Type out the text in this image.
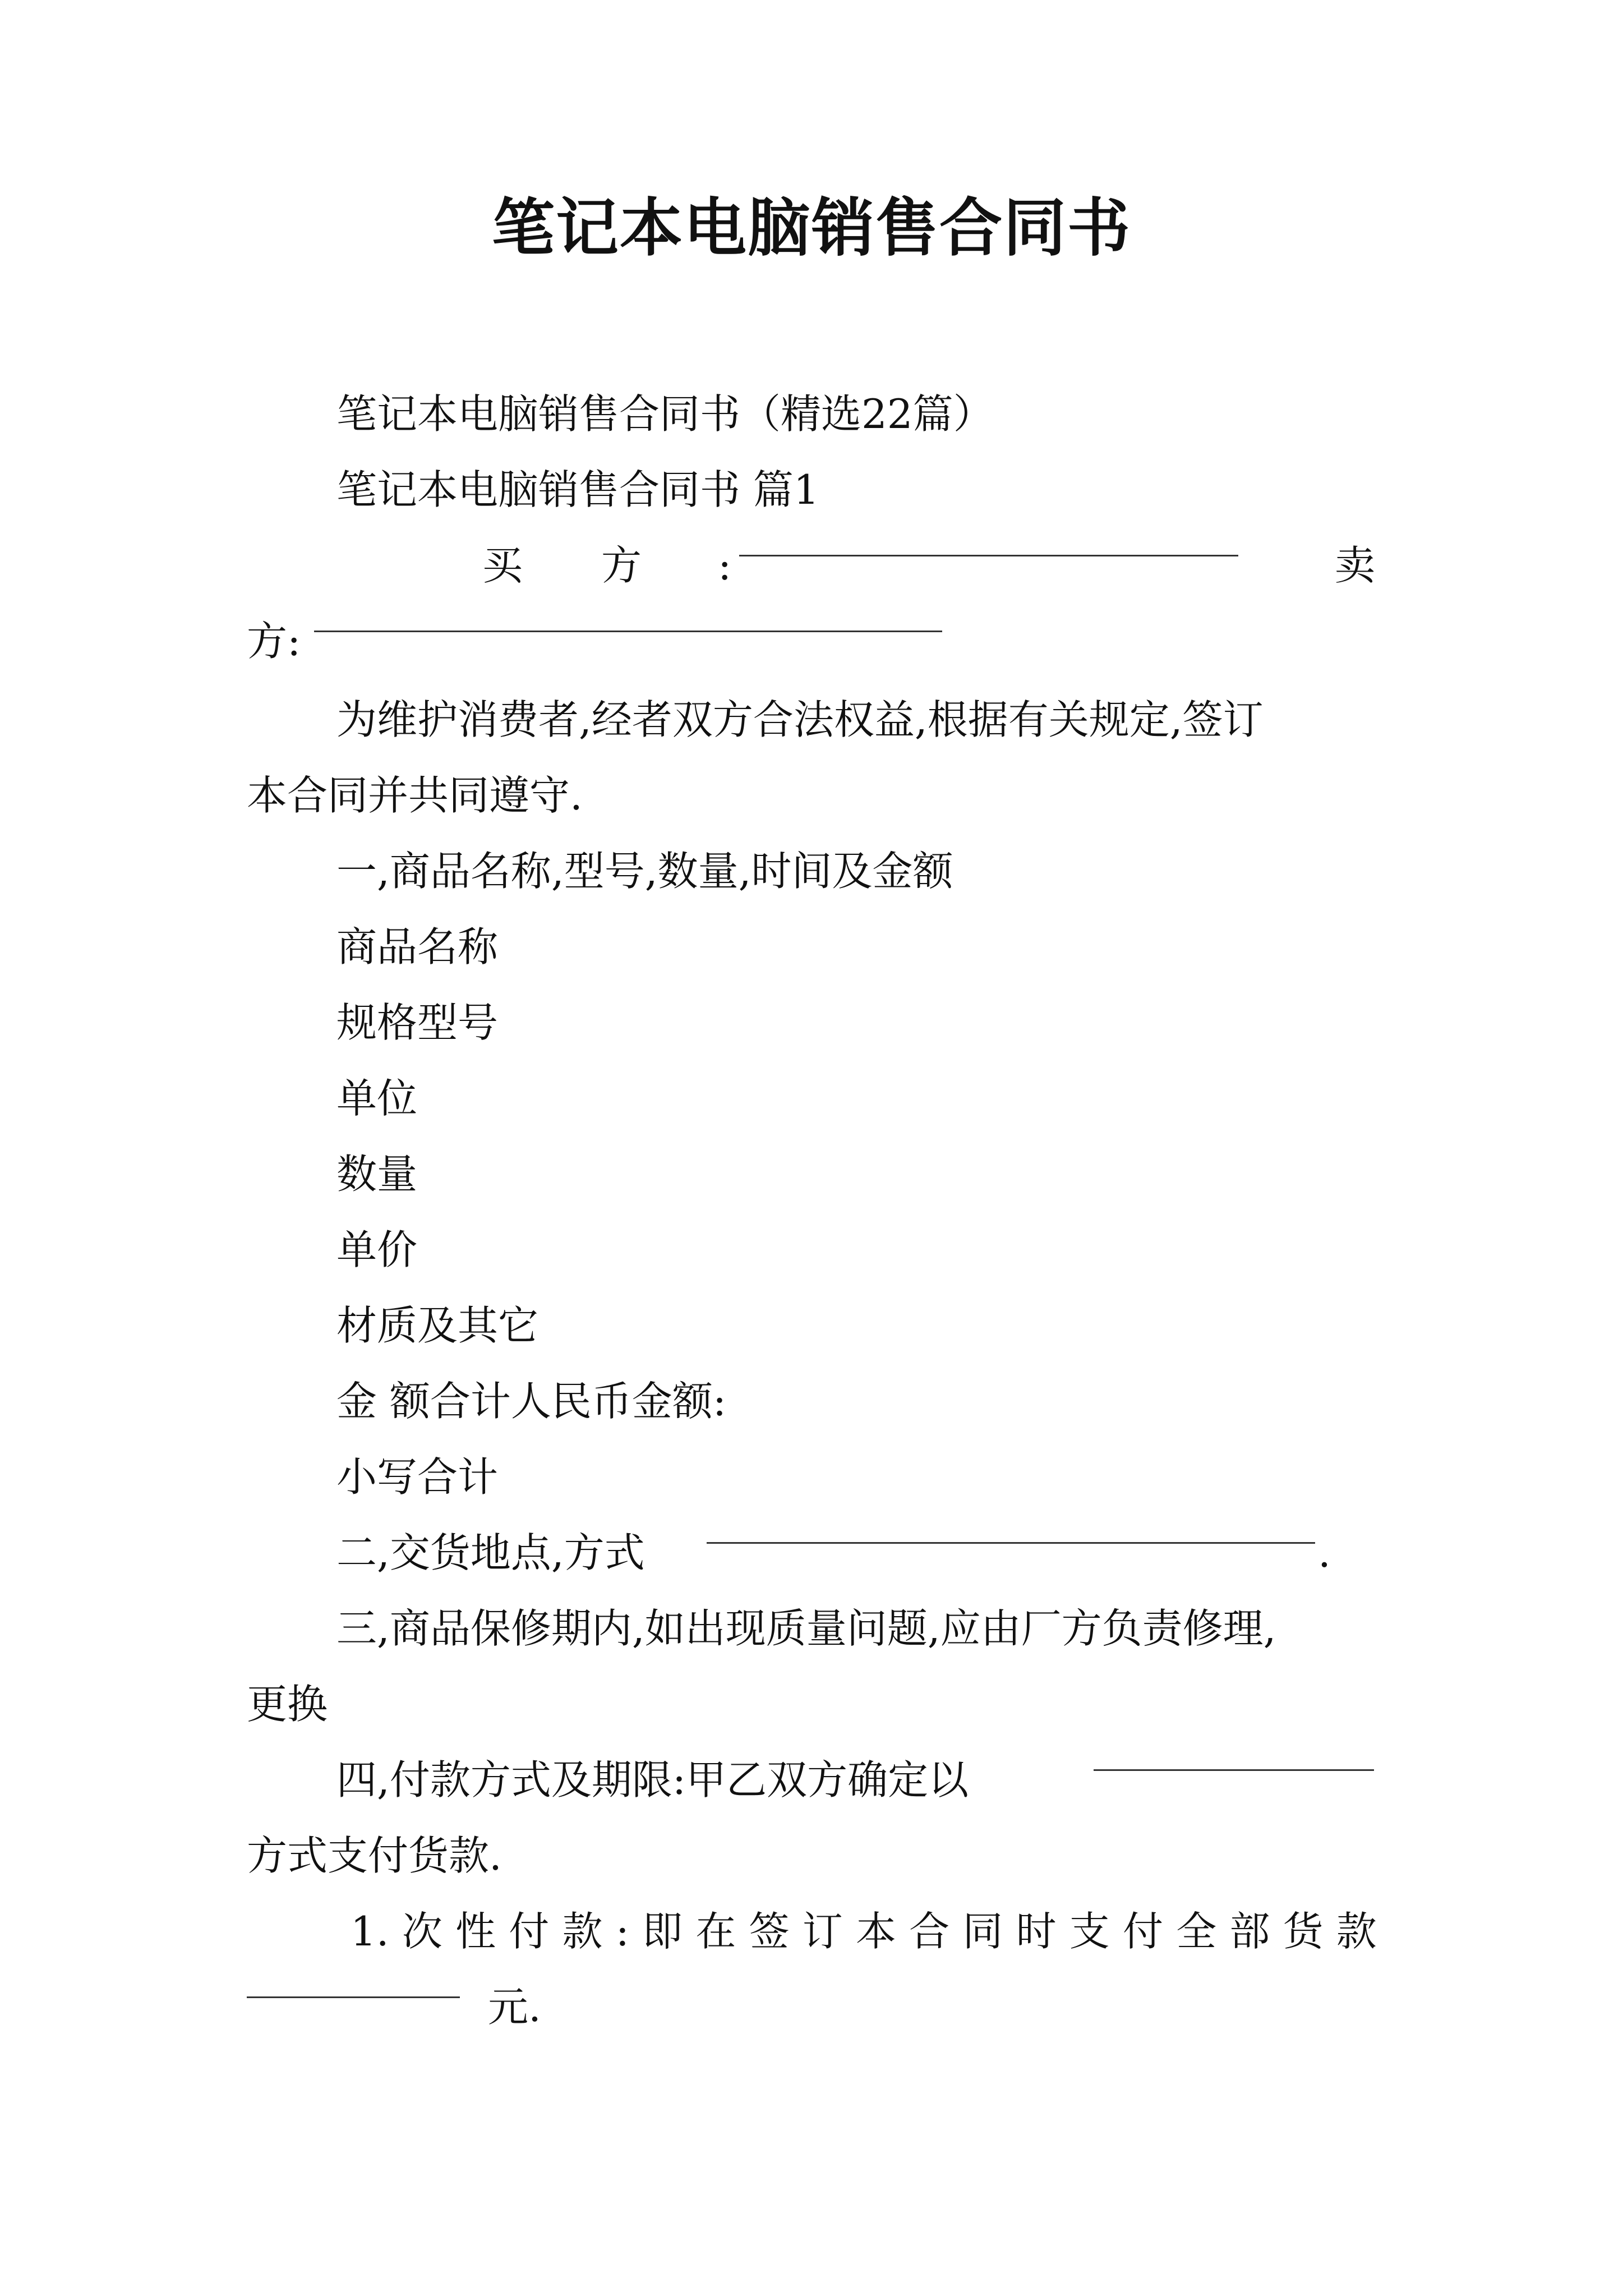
笔记本电脑销售合同书
笔记本电脑销售合同书（精选22篇）
笔记本电脑销售合同书 篇1
买 方 :	卖
方:
为维护消费者,经者双方合法权益,根据有关规定,签订
本合同并共同遵守.
一,商品名称,型号,数量,时间及金额
商品名称
规格型号
单位
数量
单价
材质及其它
金 额合计人民币金额:
小写合计
二,交货地点,方式	.
三,商品保修期内,如出现质量问题,应由厂方负责修理,
更换
四,付款方式及期限:甲乙双方确定以
方式支付货款.
1. 次 性 付 款 : 即 在 签 订 本 合 同 时 支 付 全 部 货 款
元.
